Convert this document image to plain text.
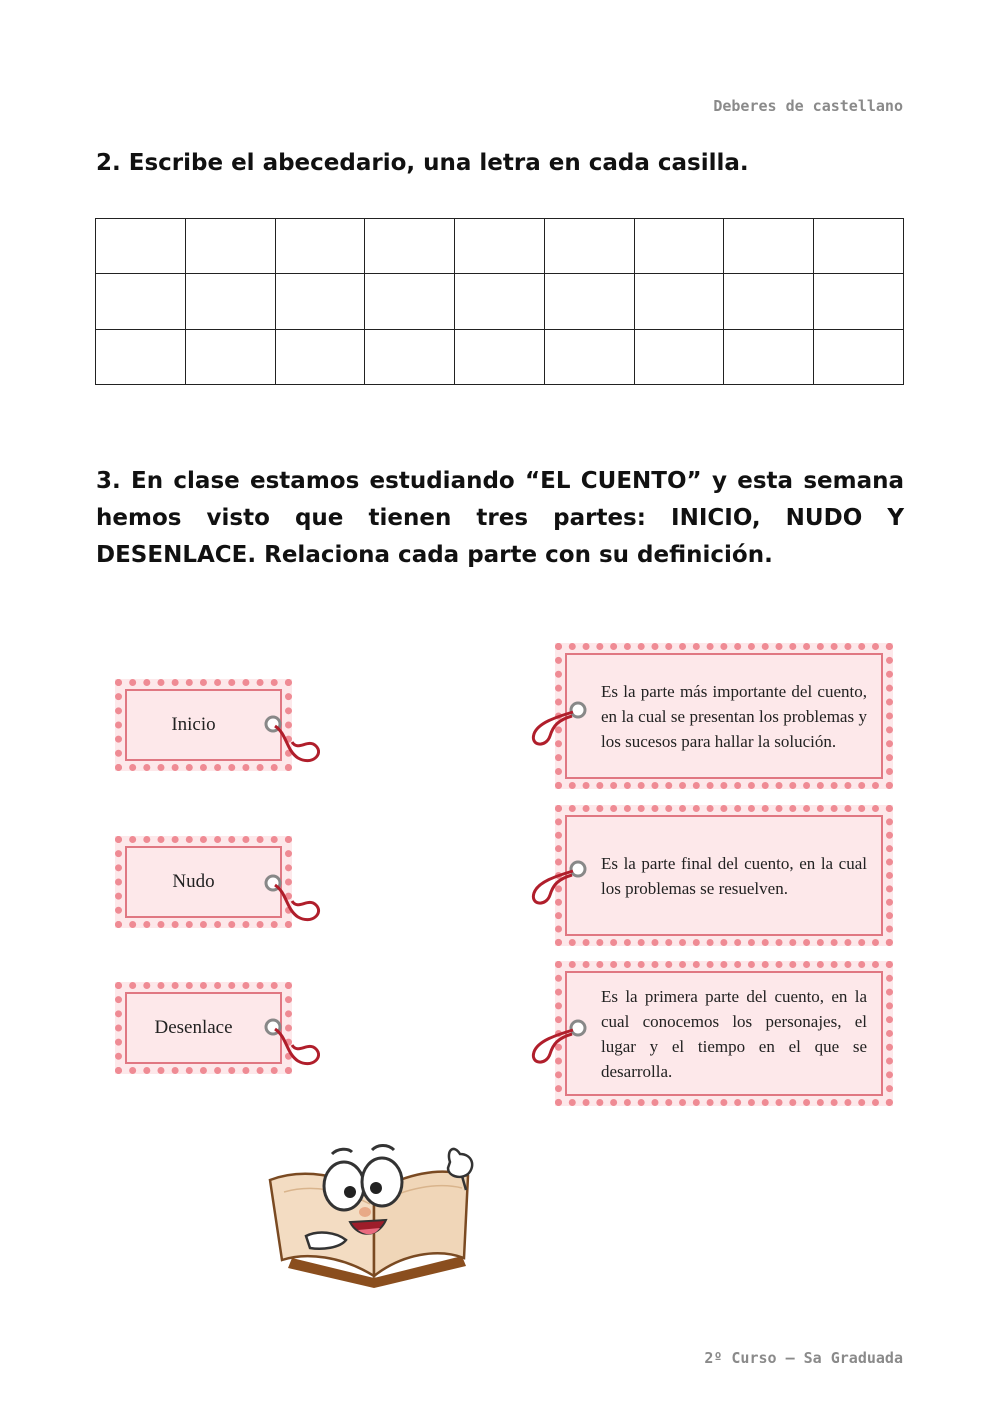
Deberes de castellano
2. Escribe el abecedario, una letra en cada casilla.

3. En clase estamos estudiando “EL CUENTO” y esta semana hemos visto que tienen tres partes: INICIO, NUDO Y DESENLACE. Relaciona cada parte con su definición.
Inicio
Nudo
Desenlace
Es la parte más importante del cuento, en la cual se presentan los problemas y los sucesos para hallar la solución.
Es la parte final del cuento, en la cual los problemas se resuelven.
Es la primera parte del cuento, en la cual conocemos los personajes, el lugar y el tiempo en el que se desarrolla.
2º Curso – Sa Graduada
